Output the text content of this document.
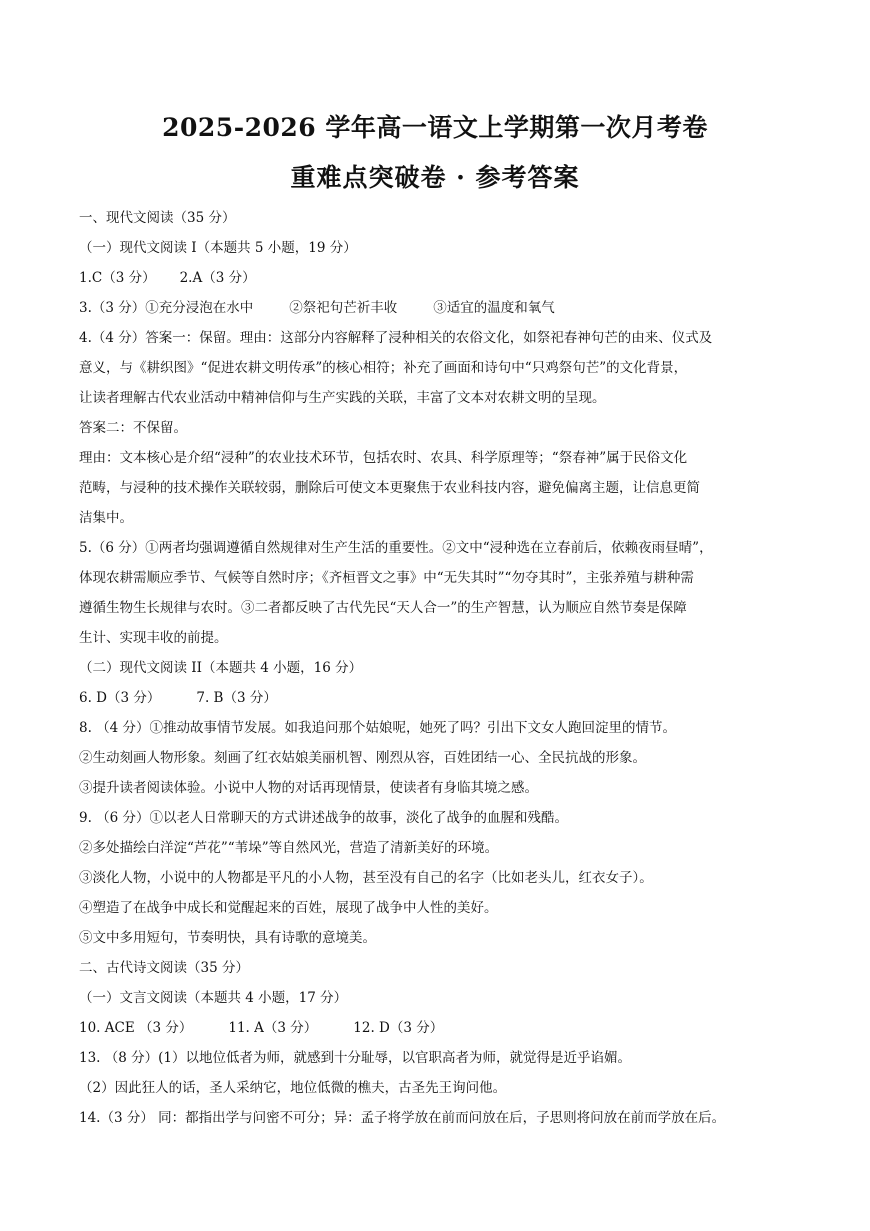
2025-2026 学年高一语文上学期第一次月考卷
重难点突破卷 · 参考答案
一、现代文阅读（35 分）
（一）现代文阅读 I（本题共 5 小题，19 分）
1.C（3 分） 2.A（3 分）
3.（3 分）①充分浸泡在水中	②祭祀句芒祈丰收	③适宜的温度和氧气
4.（4 分）答案一：保留。理由：这部分内容解释了浸种相关的农俗文化，如祭祀春神句芒的由来、仪式及
意义，与《耕织图》“促进农耕文明传承”的核心相符；补充了画面和诗句中“只鸡祭句芒”的文化背景，
让读者理解古代农业活动中精神信仰与生产实践的关联，丰富了文本对农耕文明的呈现。
答案二：不保留。
理由：文本核心是介绍“浸种”的农业技术环节，包括农时、农具、科学原理等；“祭春神”属于民俗文化
范畴，与浸种的技术操作关联较弱，删除后可使文本更聚焦于农业科技内容，避免偏离主题，让信息更简
洁集中。
5.（6 分）①两者均强调遵循自然规律对生产生活的重要性。②文中“浸种选在立春前后，依赖夜雨昼晴”，
体现农耕需顺应季节、气候等自然时序；《齐桓晋文之事》中“无失其时”“勿夺其时”，主张养殖与耕种需
遵循生物生长规律与农时。③二者都反映了古代先民“天人合一”的生产智慧，认为顺应自然节奏是保障
生计、实现丰收的前提。
（二）现代文阅读 II（本题共 4 小题，16 分）
6. D（3 分）	7. B（3 分）
8. （4 分）①推动故事情节发展。如我追问那个姑娘呢，她死了吗？引出下文女人跑回淀里的情节。
②生动刻画人物形象。刻画了红衣姑娘美丽机智、刚烈从容，百姓团结一心、全民抗战的形象。
③提升读者阅读体验。小说中人物的对话再现情景，使读者有身临其境之感。
9. （6 分）①以老人日常聊天的方式讲述战争的故事，淡化了战争的血腥和残酷。
②多处描绘白洋淀“芦花”“苇垛”等自然风光，营造了清新美好的环境。
③淡化人物，小说中的人物都是平凡的小人物，甚至没有自己的名字（比如老头儿，红衣女子）。
④塑造了在战争中成长和觉醒起来的百姓，展现了战争中人性的美好。
⑤文中多用短句，节奏明快，具有诗歌的意境美。
二、古代诗文阅读（35 分）
（一）文言文阅读（本题共 4 小题，17 分）
10. ACE （3 分）	11. A（3 分）	12. D（3 分）
13. （8 分）(1）以地位低者为师，就感到十分耻辱，以官职高者为师，就觉得是近乎谄媚。
（2）因此狂人的话，圣人采纳它，地位低微的樵夫，古圣先王询问他。
14.（3 分） 同：都指出学与问密不可分；异：孟子将学放在前而问放在后，子思则将问放在前而学放在后。
